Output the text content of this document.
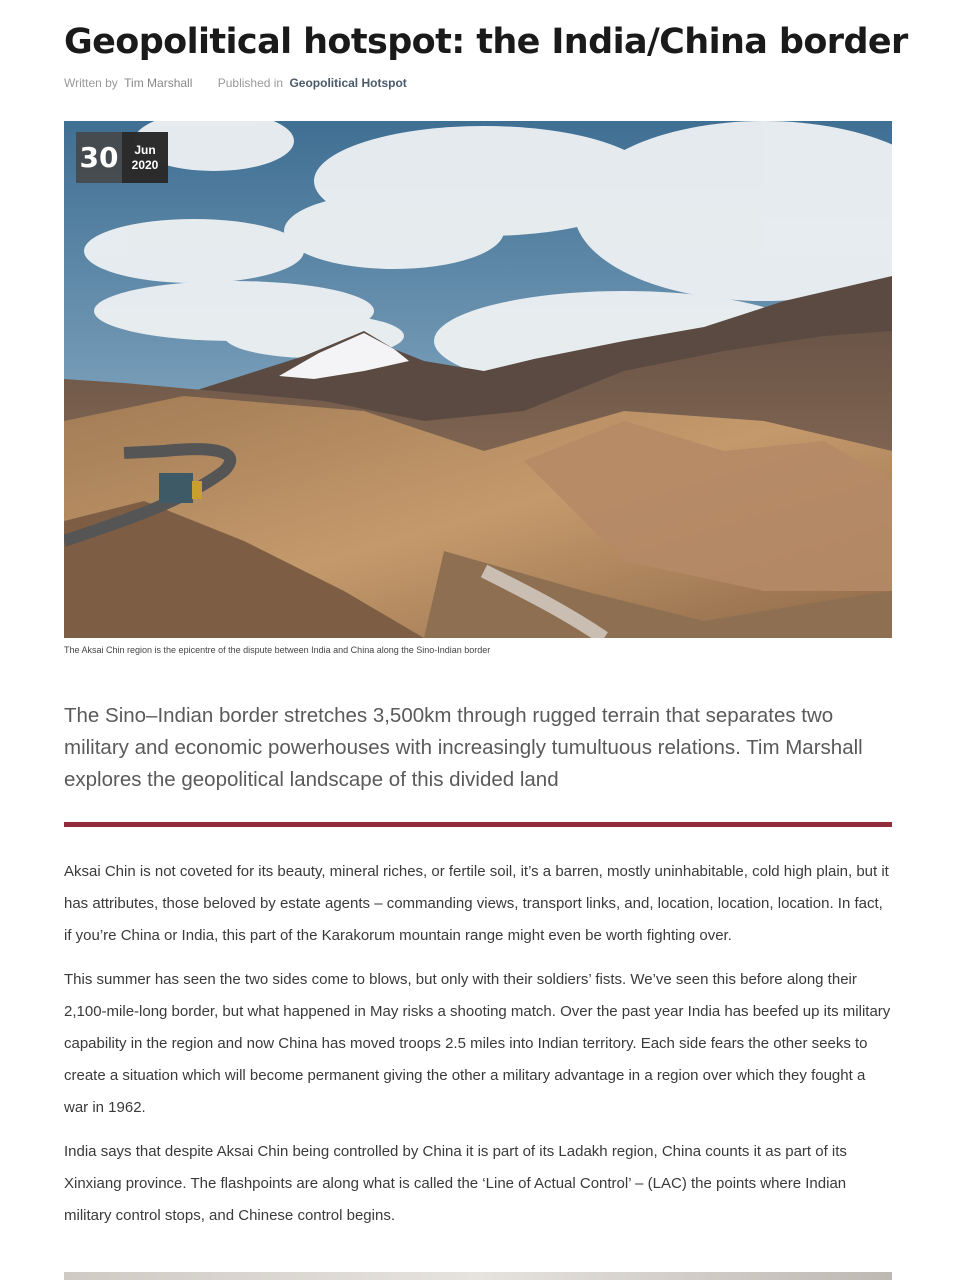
Geopolitical hotspot: the India/China border
Written by Tim Marshall Published in Geopolitical Hotspot
30 Jun
2020
The Aksai Chin region is the epicentre of the dispute between India and China along the Sino-Indian border

The Sino–Indian border stretches 3,500km through rugged terrain that separates two military and economic powerhouses with increasingly tumultuous relations. Tim Marshall explores the geopolitical landscape of this divided land

Aksai Chin is not coveted for its beauty, mineral riches, or fertile soil, it’s a barren, mostly uninhabitable, cold high plain, but it has attributes, those beloved by estate agents – commanding views, transport links, and, location, location, location. In fact, if you’re China or India, this part of the Karakorum mountain range might even be worth fighting over.

This summer has seen the two sides come to blows, but only with their soldiers’ fists. We’ve seen this before along their 2,100-mile-long border, but what happened in May risks a shooting match. Over the past year India has beefed up its military capability in the region and now China has moved troops 2.5 miles into Indian territory. Each side fears the other seeks to create a situation which will become permanent giving the other a military advantage in a region over which they fought a war in 1962.

India says that despite Aksai Chin being controlled by China it is part of its Ladakh region, China counts it as part of its Xinxiang province. The flashpoints are along what is called the ‘Line of Actual Control’ – (LAC) the points where Indian military control stops, and Chinese control begins.
